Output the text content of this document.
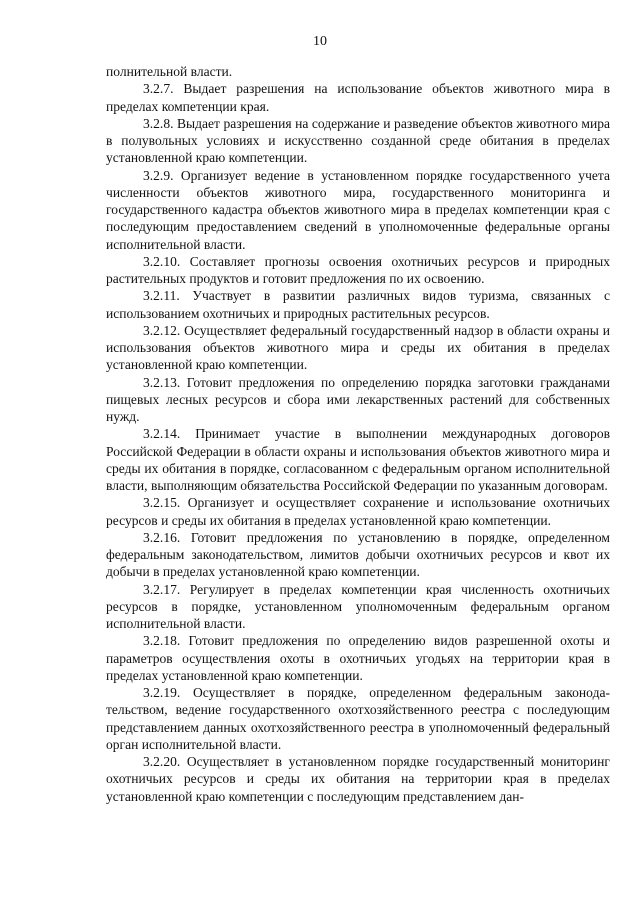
10

полнительной власти.

3.2.7. Выдает разрешения на использование объектов животного мира в пределах компетенции края.

3.2.8. Выдает разрешения на содержание и разведение объектов животного мира в полувольных условиях и искусственно созданной среде обитания в пределах установленной краю компетенции.

3.2.9. Организует ведение в установленном порядке государственного учета численности объектов животного мира, государственного мониторинга и государственного кадастра объектов животного мира в пределах компетенции края с последующим предоставлением сведений в уполномоченные федеральные органы исполнительной власти.

3.2.10. Составляет прогнозы освоения охотничьих ресурсов и природных растительных продуктов и готовит предложения по их освоению.

3.2.11. Участвует в развитии различных видов туризма, связанных с использованием охотничьих и природных растительных ресурсов.

3.2.12. Осуществляет федеральный государственный надзор в области охраны и использования объектов животного мира и среды их обитания в пределах установленной краю компетенции.

3.2.13. Готовит предложения по определению порядка заготовки гражданами пищевых лесных ресурсов и сбора ими лекарственных растений для собственных нужд.

3.2.14. Принимает участие в выполнении международных договоров Российской Федерации в области охраны и использования объектов животного мира и среды их обитания в порядке, согласованном с федеральным органом исполнительной власти, выполняющим обязательства Российской Федерации по указанным договорам.

3.2.15. Организует и осуществляет сохранение и использование охотничьих ресурсов и среды их обитания в пределах установленной краю компетенции.

3.2.16. Готовит предложения по установлению в порядке, определенном федеральным законодательством, лимитов добычи охотничьих ресурсов и квот их добычи в пределах установленной краю компетенции.

3.2.17. Регулирует в пределах компетенции края численность охотничьих ресурсов в порядке, установленном уполномоченным федеральным органом исполнительной власти.

3.2.18. Готовит предложения по определению видов разрешенной охоты и параметров осуществления охоты в охотничьих угодьях на территории края в пределах установленной краю компетенции.

3.2.19. Осуществляет в порядке, определенном федеральным законодательством, ведение государственного охотхозяйственного реестра с последующим представлением данных охотхозяйственного реестра в уполномоченный федеральный орган исполнительной власти.

3.2.20. Осуществляет в установленном порядке государственный мониторинг охотничьих ресурсов и среды их обитания на территории края в пределах установленной краю компетенции с последующим представлением дан-
